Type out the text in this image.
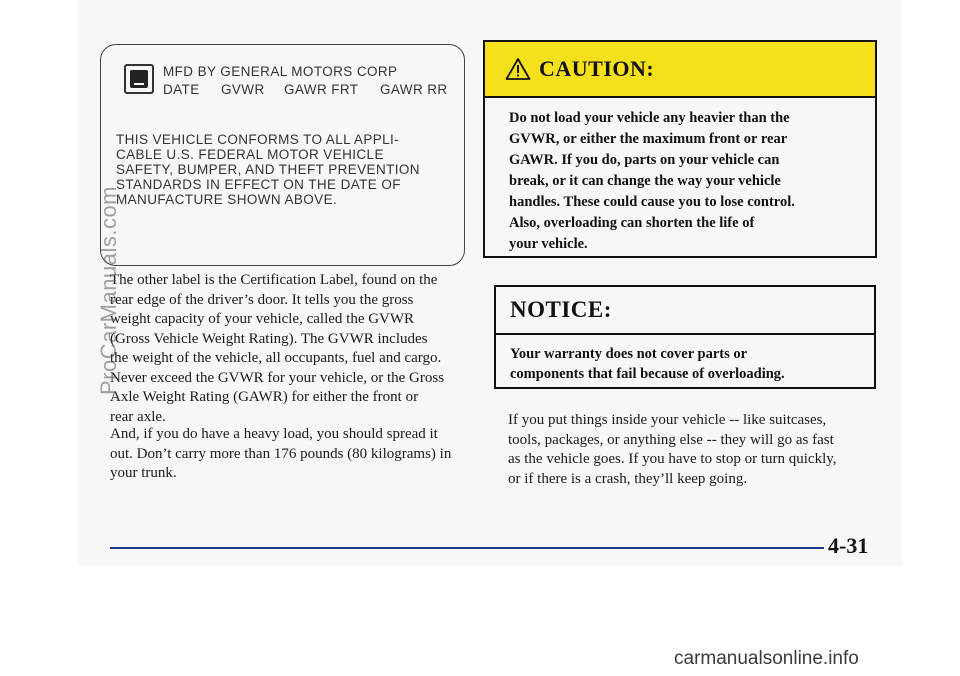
MFD BY GENERAL MOTORS CORP
DATE GVWR GAWR FRT GAWR RR
THIS VEHICLE CONFORMS TO ALL APPLI-
CABLE U.S. FEDERAL MOTOR VEHICLE
SAFETY, BUMPER, AND THEFT PREVENTION
STANDARDS IN EFFECT ON THE DATE OF
MANUFACTURE SHOWN ABOVE.

The other label is the Certification Label, found on the

rear edge of the driver’s door. It tells you the gross

weight capacity of your vehicle, called the GVWR

(Gross Vehicle Weight Rating). The GVWR includes

the weight of the vehicle, all occupants, fuel and cargo.

Never exceed the GVWR for your vehicle, or the Gross

Axle Weight Rating (GAWR) for either the front or

rear axle.

And, if you do have a heavy load, you should spread it

out. Don’t carry more than 176 pounds (80 kilograms) in

your trunk.

CAUTION:
Do not load your vehicle any heavier than the
GVWR, or either the maximum front or rear
GAWR. If you do, parts on your vehicle can
break, or it can change the way your vehicle
handles. These could cause you to lose control.
Also, overloading can shorten the life of
your vehicle.
NOTICE:
Your warranty does not cover parts or
components that fail because of overloading.
If you put things inside your vehicle -- like suitcases,
tools, packages, or anything else -- they will go as fast
as the vehicle goes. If you have to stop or turn quickly,
or if there is a crash, they’ll keep going.
4-31
ProCarManuals.com
carmanualsonline.info
